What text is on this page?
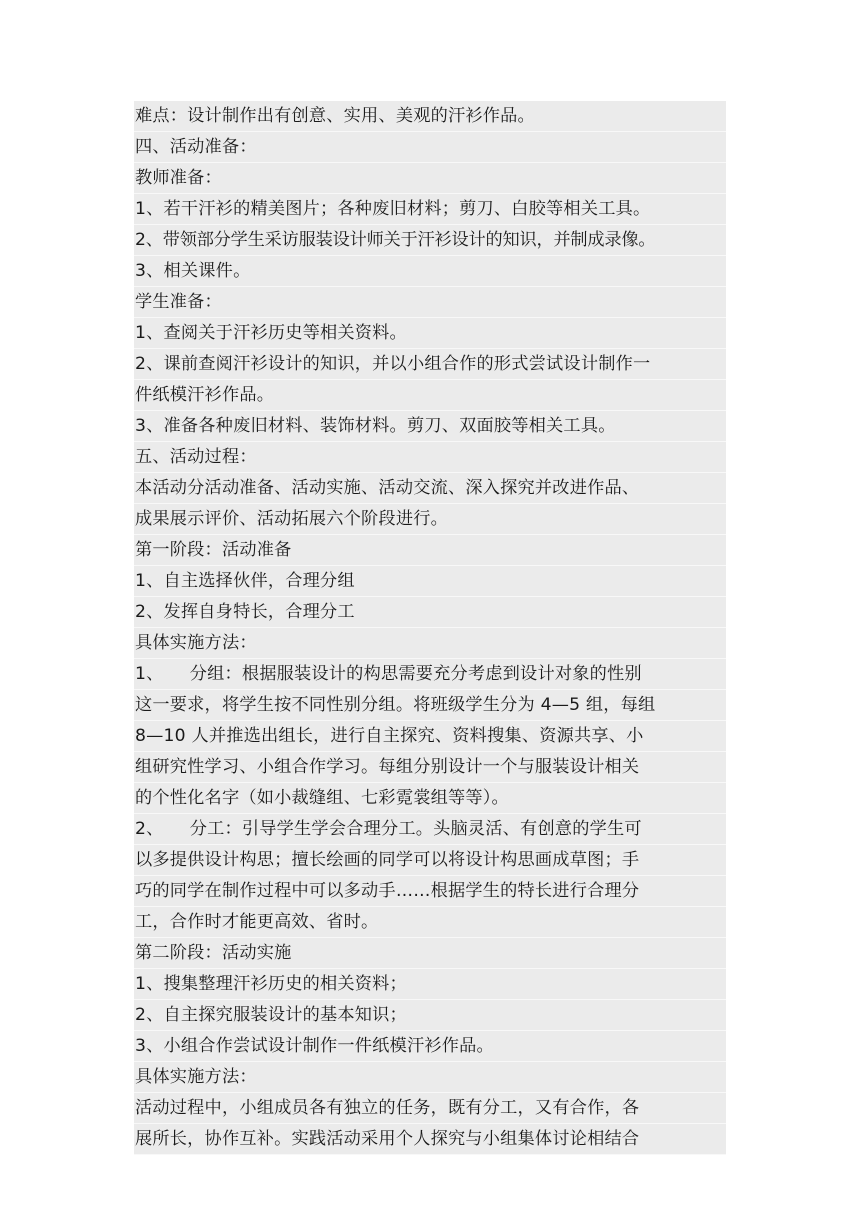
难点：设计制作出有创意、实用、美观的汗衫作品。
四、活动准备：
教师准备：
1、若干汗衫的精美图片；各种废旧材料；剪刀、白胶等相关工具。
2、带领部分学生采访服装设计师关于汗衫设计的知识，并制成录像。
3、相关课件。
学生准备：
1、查阅关于汗衫历史等相关资料。
2、课前查阅汗衫设计的知识，并以小组合作的形式尝试设计制作一
件纸模汗衫作品。
3、准备各种废旧材料、装饰材料。剪刀、双面胶等相关工具。
五、活动过程：
本活动分活动准备、活动实施、活动交流、深入探究并改进作品、
成果展示评价、活动拓展六个阶段进行。
第一阶段：活动准备
1、自主选择伙伴，合理分组
2、发挥自身特长，合理分工
具体实施方法：
1、　　分组：根据服装设计的构思需要充分考虑到设计对象的性别
这一要求，将学生按不同性别分组。将班级学生分为 4—5 组，每组
8—10 人并推选出组长，进行自主探究、资料搜集、资源共享、小
组研究性学习、小组合作学习。每组分别设计一个与服装设计相关
的个性化名字（如小裁缝组、七彩霓裳组等等）。
2、　　分工：引导学生学会合理分工。头脑灵活、有创意的学生可
以多提供设计构思；擅长绘画的同学可以将设计构思画成草图；手
巧的同学在制作过程中可以多动手……根据学生的特长进行合理分
工，合作时才能更高效、省时。
第二阶段：活动实施
1、搜集整理汗衫历史的相关资料；
2、自主探究服装设计的基本知识；
3、小组合作尝试设计制作一件纸模汗衫作品。
具体实施方法：
活动过程中，小组成员各有独立的任务，既有分工，又有合作，各
展所长，协作互补。实践活动采用个人探究与小组集体讨论相结合
